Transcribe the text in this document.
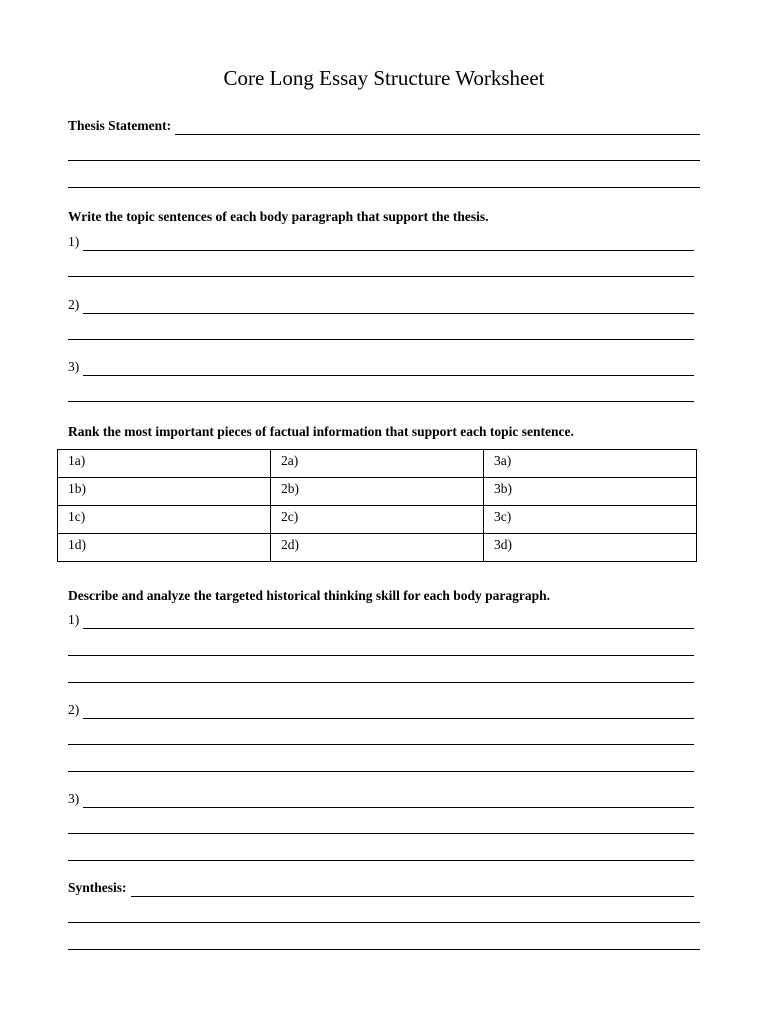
Core Long Essay Structure Worksheet
Thesis Statement:
Write the topic sentences of each body paragraph that support the thesis.
1)
2)
3)
Rank the most important pieces of factual information that support each topic sentence.
1a)	2a)	3a)
1b)	2b)	3b)
1c)	2c)	3c)
1d)	2d)	3d)
Describe and analyze the targeted historical thinking skill for each body paragraph.
1)
2)
3)
Synthesis:
